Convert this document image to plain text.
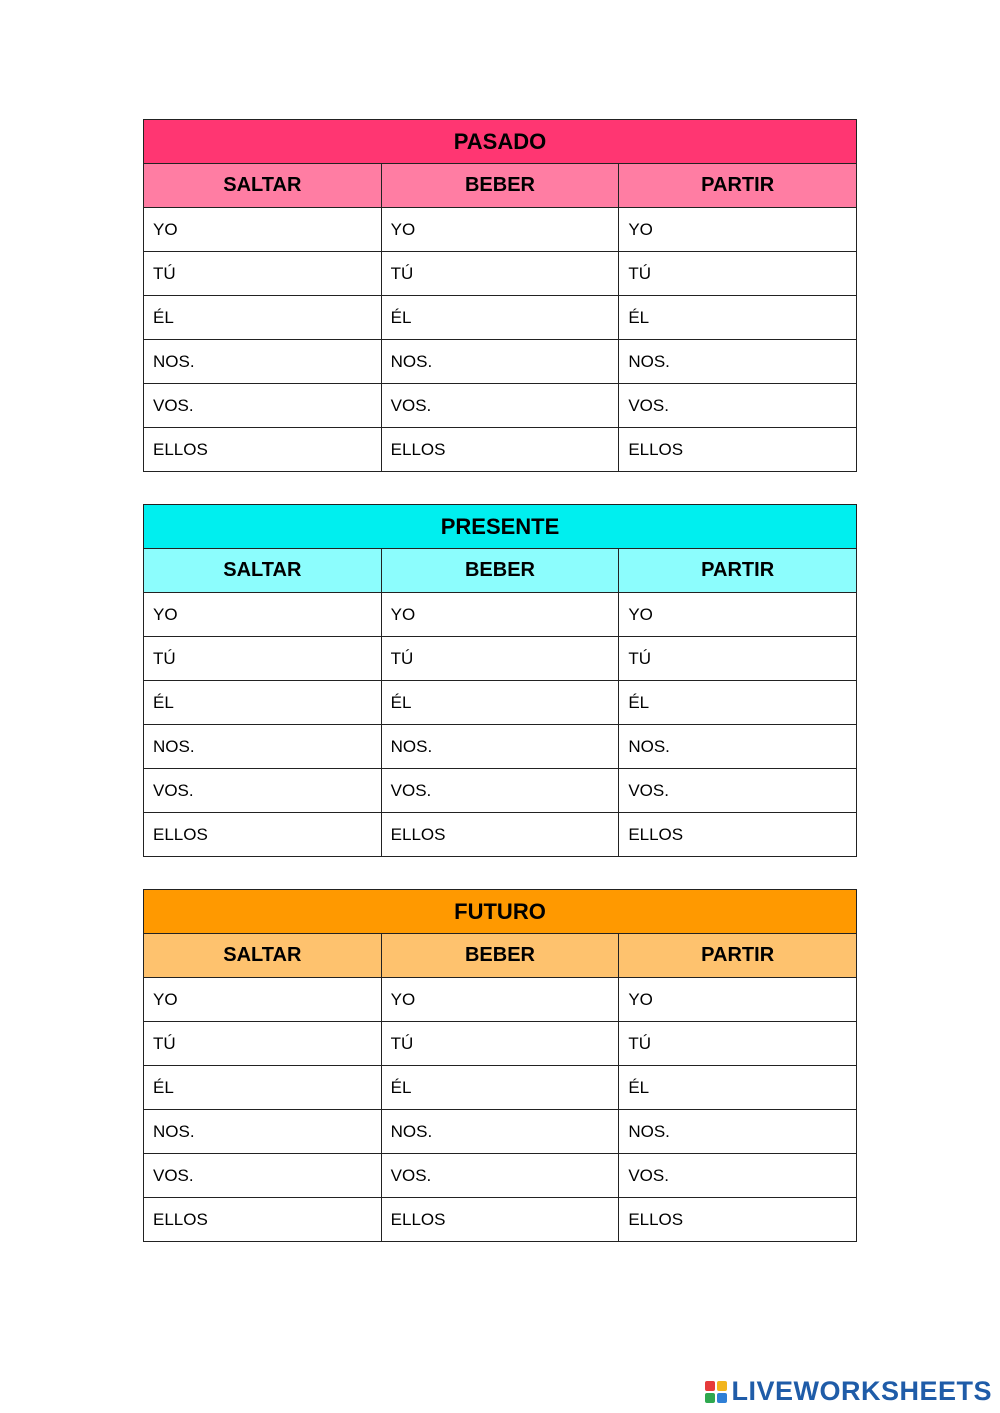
PASADO		
SALTAR	BEBER	PARTIR
YO	YO	YO
TÚ	TÚ	TÚ
ÉL	ÉL	ÉL
NOS.	NOS.	NOS.
VOS.	VOS.	VOS.
ELLOS	ELLOS	ELLOS
PRESENTE		
SALTAR	BEBER	PARTIR
YO	YO	YO
TÚ	TÚ	TÚ
ÉL	ÉL	ÉL
NOS.	NOS.	NOS.
VOS.	VOS.	VOS.
ELLOS	ELLOS	ELLOS
FUTURO		
SALTAR	BEBER	PARTIR
YO	YO	YO
TÚ	TÚ	TÚ
ÉL	ÉL	ÉL
NOS.	NOS.	NOS.
VOS.	VOS.	VOS.
ELLOS	ELLOS	ELLOS
LIVEWORKSHEETS
